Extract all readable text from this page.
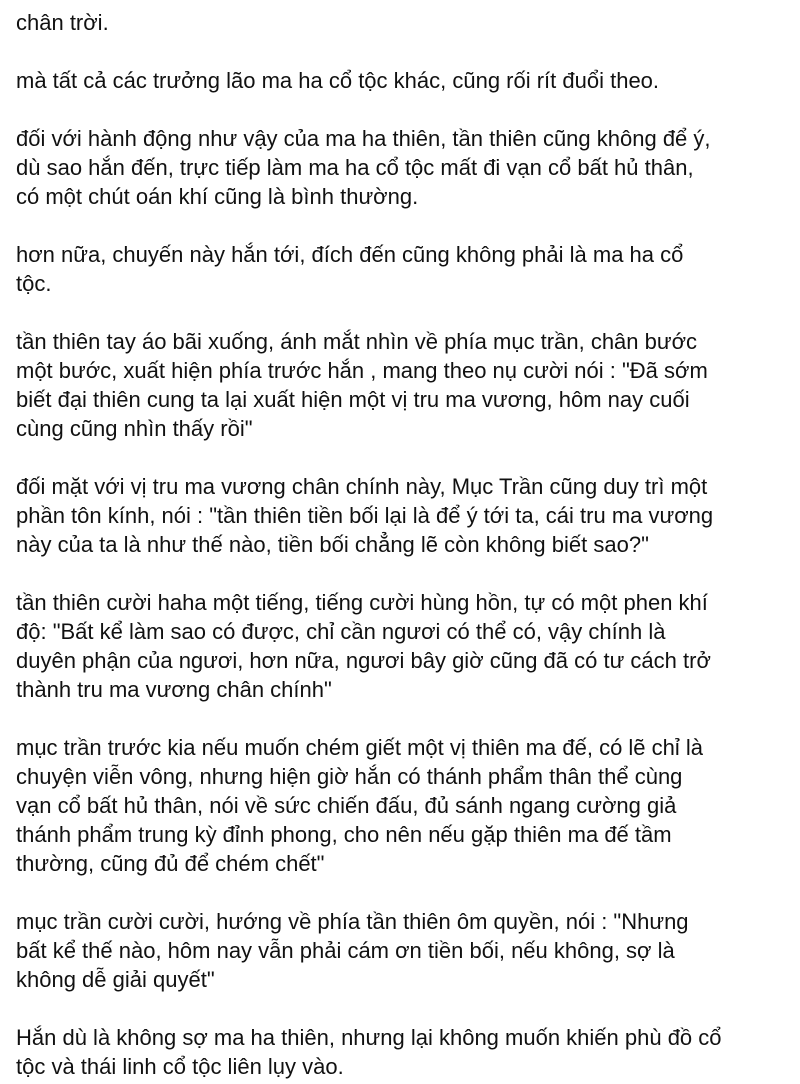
chân trời.
mà tất cả các trưởng lão ma ha cổ tộc khác, cũng rối rít đuổi theo.
đối với hành động như vậy của ma ha thiên, tần thiên cũng không để ý,
dù sao hắn đến, trực tiếp làm ma ha cổ tộc mất đi vạn cổ bất hủ thân,
có một chút oán khí cũng là bình thường.
hơn nữa, chuyến này hắn tới, đích đến cũng không phải là ma ha cổ
tộc.
tần thiên tay áo bãi xuống, ánh mắt nhìn về phía mục trần, chân bước
một bước, xuất hiện phía trước hắn , mang theo nụ cười nói : "Đã sớm
biết đại thiên cung ta lại xuất hiện một vị tru ma vương, hôm nay cuối
cùng cũng nhìn thấy rồi"
đối mặt với vị tru ma vương chân chính này, Mục Trần cũng duy trì một
phần tôn kính, nói : "tần thiên tiền bối lại là để ý tới ta, cái tru ma vương
này của ta là như thế nào, tiền bối chẳng lẽ còn không biết sao?"
tần thiên cười haha một tiếng, tiếng cười hùng hồn, tự có một phen khí
độ: "Bất kể làm sao có được, chỉ cần ngươi có thể có, vậy chính là
duyên phận của ngươi, hơn nữa, ngươi bây giờ cũng đã có tư cách trở
thành tru ma vương chân chính"
mục trần trước kia nếu muốn chém giết một vị thiên ma đế, có lẽ chỉ là
chuyện viễn vông, nhưng hiện giờ hắn có thánh phẩm thân thể cùng
vạn cổ bất hủ thân, nói về sức chiến đấu, đủ sánh ngang cường giả
thánh phẩm trung kỳ đỉnh phong, cho nên nếu gặp thiên ma đế tầm
thường, cũng đủ để chém chết"
mục trần cười cười, hướng về phía tần thiên ôm quyền, nói : "Nhưng
bất kể thế nào, hôm nay vẫn phải cám ơn tiền bối, nếu không, sợ là
không dễ giải quyết"
Hắn dù là không sợ ma ha thiên, nhưng lại không muốn khiến phù đồ cổ
tộc và thái linh cổ tộc liên lụy vào.
